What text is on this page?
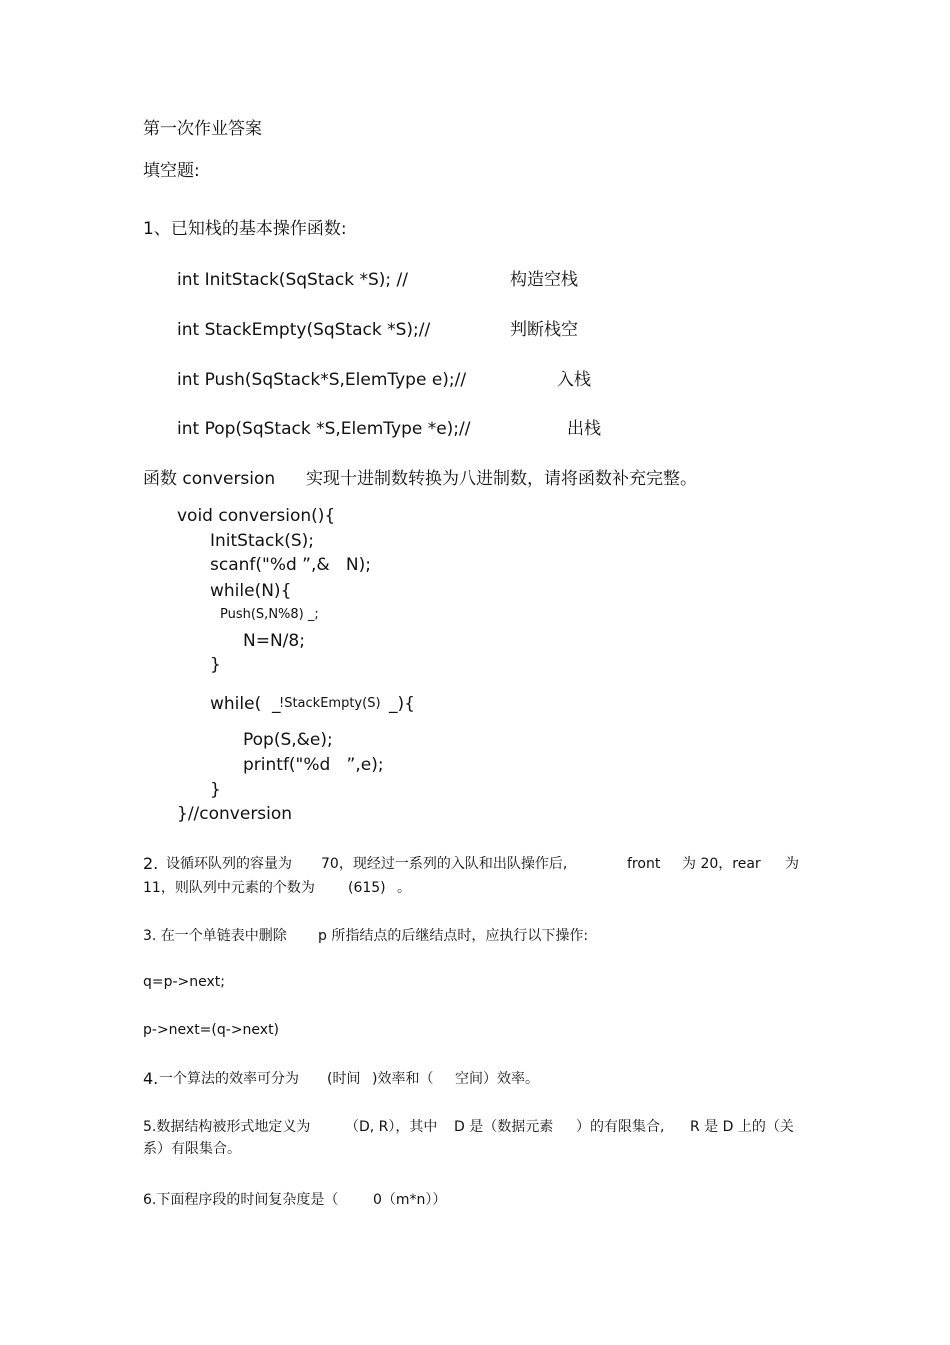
第一次作业答案
填空题:
1、已知栈的基本操作函数:
int InitStack(SqStack *S); //	构造空栈
int StackEmpty(SqStack *S);//	判断栈空
int Push(SqStack*S,ElemType e);//	入栈
int Pop(SqStack *S,ElemType *e);//	出栈
函数 conversion 实现十进制数转换为八进制数，请将函数补充完整。
void conversion(){
InitStack(S);
scanf("%d ”,&   N);
while(N){
Push(S,N%8) _;
N=N/8;
}
while(  _
!StackEmpty(S) _){
Pop(S,&e);
printf("%d   ”,e);
}
}//conversion
2. 设循环队列的容量为 70，现经过一系列的入队和出队操作后,	front 为 20，rear 为
11，则队列中元素的个数为 (615) 。
3. 在一个单链表中删除 p 所指结点的后继结点时，应执行以下操作:
q=p->next;
p->next=(q->next)
4. 一个算法的效率可分为 (时间 )效率和（ 空间）效率。
5.数据结构被形式地定义为 （D, R），其中 D 是（数据元素 ）的有限集合, R 是 D 上的（关
系）有限集合。
6.下面程序段的时间复杂度是（ 0（m*n））
